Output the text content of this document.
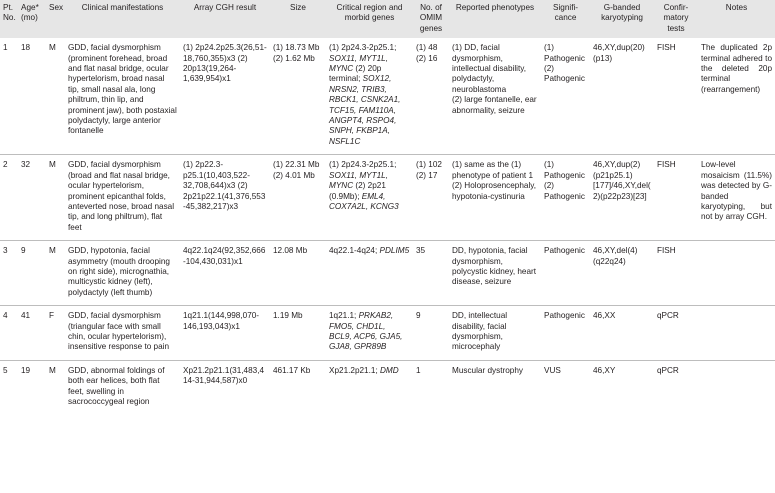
Pt. No.	Age* (mo)	Sex	Clinical manifestations	Array CGH result	Size	Critical region and morbid genes	No. of OMIM genes	Reported phenotypes	Signifi- cance	G-banded karyotyping	Confir- matory tests	Notes
1	18	M	GDD, facial dysmorphism (prominent forehead, broad and flat nasal bridge, ocular hypertelorism, broad nasal tip, small nasal ala, long philtrum, thin lip, and prominent jaw), both postaxial polydactyly, large anterior fontanelle	(1) 2p24.2p25.3(26,51-18,760,355)x3 (2) 20p13(19,264-1,639,954)x1	(1) 18.73 Mb
(2) 1.62 Mb	(1) 2p24.3-2p25.1; SOX11, MYT1L, MYNC (2) 20p terminal; SOX12, NRSN2, TRIB3, RBCK1, CSNK2A1, TCF15, FAM110A, ANGPT4, RSPO4, SNPH, FKBP1A, NSFL1C	(1) 48
(2) 16	(1) DD, facial dysmorphism, intellectual disability, polydactyly, neuroblastoma
(2) large fontanelle, ear abnormality, seizure	(1) Pathogenic
(2) Pathogenic	46,XY,dup(20)(p13)	FISH	The duplicated 2p terminal adhered to the deleted 20p terminal (rearrangement)
2	32	M	GDD, facial dysmorphism (broad and flat nasal bridge, ocular hypertelorism, prominent epicanthal folds, anteverted nose, broad nasal tip, and long philtrum), flat feet	(1) 2p22.3-p25.1(10,403,522-32,708,644)x3 (2) 2p21p22.1(41,376,553-45,382,217)x3	(1) 22.31 Mb
(2) 4.01 Mb	(1) 2p24.3-2p25.1; SOX11, MYT1L, MYNC (2) 2p21 (0.9Mb); EML4, COX7A2L, KCNG3	(1) 102
(2) 17	(1) same as the (1) phenotype of patient 1
(2) Holoprosencephaly, hypotonia-cystinuria	(1) Pathogenic
(2) Pathogenic	46,XY,dup(2)(p21p25.1)[177]/46,XY,del(2)(p22p23)[23]	FISH	Low-level mosaicism (11.5%) was detected by G-banded karyotyping, but not by array CGH.
3	9	M	GDD, hypotonia, facial asymmetry (mouth drooping on right side), micrognathia, multicystic kidney (left), polydactyly (left thumb)	4q22.1q24(92,352,666-104,430,031)x1	12.08 Mb	4q22.1-4q24; PDLIM5	35	DD, hypotonia, facial dysmorphism, polycystic kidney, heart disease, seizure	Pathogenic	46,XY,del(4)(q22q24)	FISH	
4	41	F	GDD, facial dysmorphism (triangular face with small chin, ocular hypertelorism), insensitive response to pain	1q21.1(144,998,070-146,193,043)x1	1.19 Mb	1q21.1; PRKAB2, FMO5, CHD1L, BCL9, ACP6, GJA5, GJA8, GPR89B	9	DD, intellectual disability, facial dysmorphism, microcephaly	Pathogenic	46,XX	qPCR	
5	19	M	GDD, abnormal foldings of both ear helices, both flat feet, swelling in sacrococcygeal region	Xp21.2p21.1(31,483,414-31,944,587)x0	461.17 Kb	Xp21.2p21.1; DMD	1	Muscular dystrophy	VUS	46,XY	qPCR	
